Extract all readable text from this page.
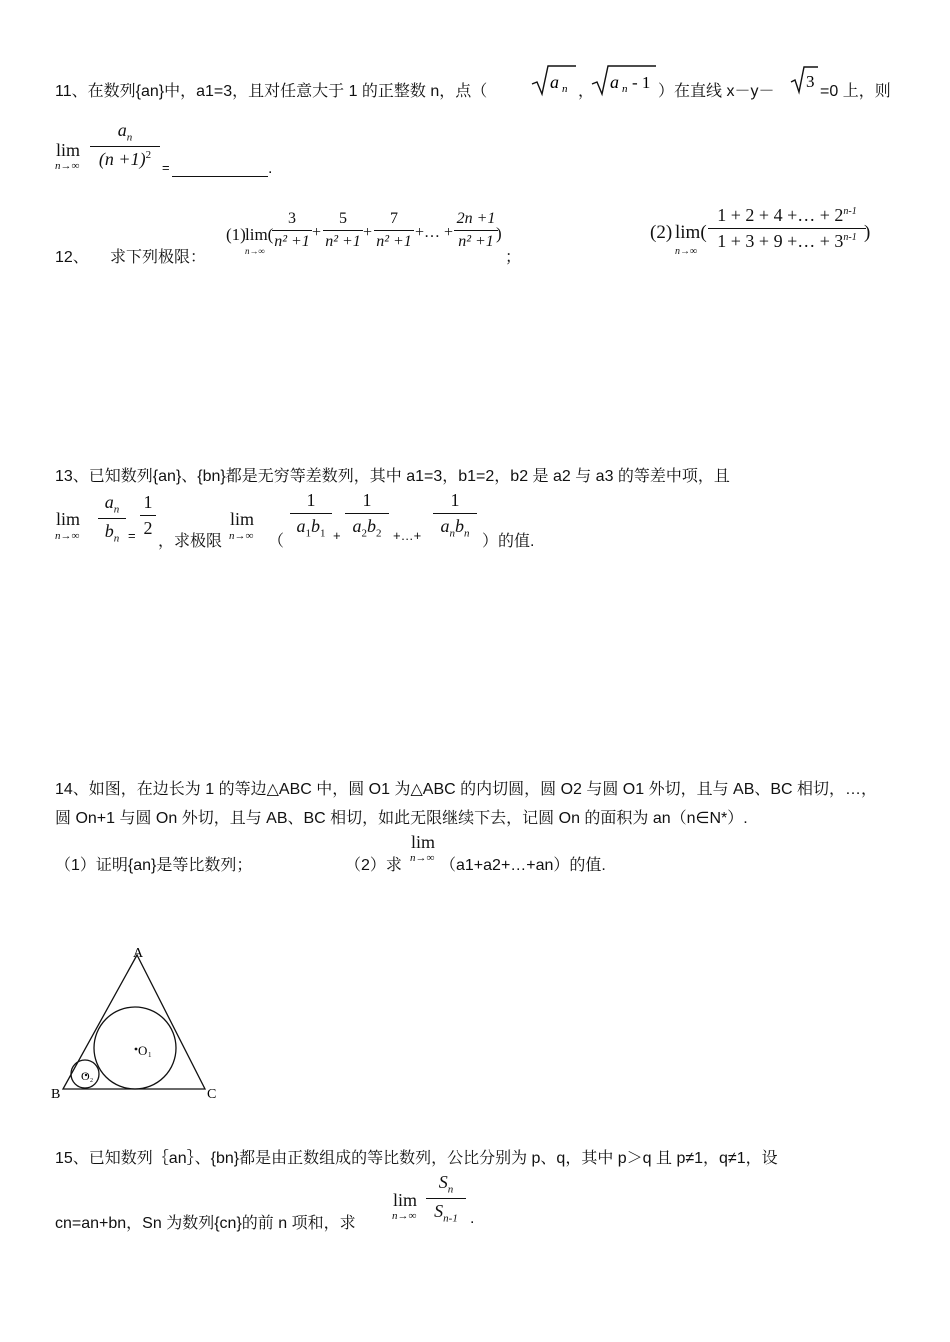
11、在数列{an}中，a1=3，且对任意大于 1 的正整数 n，点（	a n ， a n - 1 ）在直线 x－y－
3
=0 上，则
lim
n→∞
$a_n$
$(n +1)^2$
=	.
12、 求下列极限：
(1) lim(
n→∞
3
n² +1
+
5
n² +1
+
7
n² +1
+… +
2n +1
n² +1 )
；
(2) lim(
n→∞
1 + 2 + 4 +… + $2^{n-1}$
1 + 3 + 9 +… + $3^{n-1}$ )
13、已知数列{an}、{bn}都是无穷等差数列，其中 a1=3，b1=2，b2 是 a2 与 a3 的等差中项，且
lim
n→∞
$a_n$
$b_n$ =
1
2
，求极限
lim
n→∞ （
1
$a_1b_1$ +
1
$a_2b_2$ +…+
1
$a_nb_n$ ）的值.
14、如图，在边长为 1 的等边△ABC 中，圆 O1 为△ABC 的内切圆，圆 O2 与圆 O1 外切，且与 AB、BC 相切，…，
圆 On+1 与圆 On 外切，且与 AB、BC 相切，如此无限继续下去，记圆 On 的面积为 an（n∈N*）.
（1）证明{an}是等比数列；	（2）求
lim
n→∞ （a1+a2+…+an）的值.
A
B	C
O 1
O 2
15、已知数列｛an｝、{bn}都是由正数组成的等比数列，公比分别为 p、q，其中 p＞q 且 p≠1，q≠1，设
cn=an+bn，Sn 为数列{cn}的前 n 项和，求
lim
n→∞
$S_n$
$S_{n-1}$ .
